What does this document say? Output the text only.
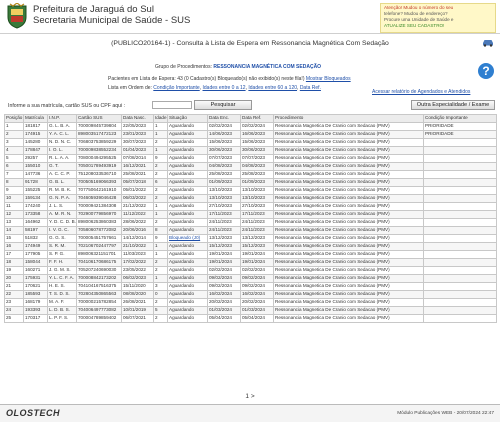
Prefeitura de Jaraguá do Sul
Secretaria Municipal de Saúde - SUS
Atenção! Mudou o número do seu
telefone? Mudou de endereço?
Procure uma Unidade de Saúde e
ATUALIZE SEU CADASTRO!
(PUBLICO20164-1) - Consulta à Lista de Espera em Ressonancia Magnética Com Sedação
Grupo de Procedimentos: RESSONANCIA MAGNÉTICA COM SEDAÇÃO
Pacientes em Lista de Espera: 43 (0 Cadastro(s) Bloqueado(s) não exibido(s) neste fila!) Mostrar Bloqueados
Lista em Ordem de: Condição Importante, Idades entre 0 a 12, Idades entre 60 a 120, Data Ref.
?
Acessar relatório de Agendados e Atendidos
Informe a sua matrícula, cartão SUS ou CPF aqui :	Pesquisar	Outra Especialidade / Exame
Posição	Matrícula	I.N.P.	Cartão SUS	Data Nasc.	Idade	Situação	Data Enc.	Data Ref.	Procedimento	Condição Importante
1	181817	G. L. B. A.	700009845739804	22/05/2023	1	Aguardando	02/02/2024	02/02/2024	Ressonancia Magnetica De Cranio com Sedacao (PMV)	PRIORIDADE
2	174915	Y. A. C. L.	898003517472123	23/01/2023	1	Aguardando	14/06/2023	16/06/2023	Ressonancia Magnetica De Cranio com Sedacao (PMV)	PRIORIDADE
3	145280	N. D. N. C.	706803753859229	30/07/2023	2	Aguardando	15/06/2023	15/06/2023	Ressonancia Magnetica De Cranio com Sedacao (PMV)	
4	178847	I. O. L.	700009838552234	01/04/2023	1	Aguardando	30/06/2023	30/06/2023	Ressonancia Magnetica De Cranio com Sedacao (PMV)	
5	29257	R. L. A. A.	708000494295525	07/08/2014	9	Aguardando	07/07/2023	07/07/2023	Ressonancia Magnetica De Cranio com Sedacao (PMV)	
6	155010	G. T.	705001789493919	16/12/2021	2	Aguardando	04/08/2023	04/08/2023	Ressonancia Magnetica De Cranio com Sedacao (PMV)	
7	147736	A. C. C. P.	751208033536710	25/08/2021	2	Aguardando	25/08/2023	25/08/2023	Ressonancia Magnetica De Cranio com Sedacao (PMV)	
8	91728	G. B. L.	700505169066393	05/07/2018	6	Aguardando	01/09/2023	01/09/2023	Ressonancia Magnetica De Cranio com Sedacao (PMV)	
9	155225	R. M. B. K.	707750642161910	05/01/2022	2	Aguardando	13/10/2023	13/10/2023	Ressonancia Magnetica De Cranio com Sedacao (PMV)	
10	159134	G. N. P. A.	704605939046428	06/03/2022	2	Aguardando	13/10/2023	13/10/2023	Ressonancia Magnetica De Cranio com Sedacao (PMV)	
11	174240	J. L. S.	700009421384308	21/12/2022	1	Aguardando	27/10/2023	27/10/2023	Ressonancia Magnetica De Cranio com Sedacao (PMV)	
12	173358	A. M. R. N.	702900779856970	11/12/2022	1	Aguardando	17/11/2023	17/11/2023	Ressonancia Magnetica De Cranio com Sedacao (PMV)	
13	164962	Y. D. C. D. B.	898006253860383	28/06/2022	2	Aguardando	24/11/2023	24/11/2023	Ressonancia Magnetica De Cranio com Sedacao (PMV)	
14	58197	I. V. G. C.	705806078772082	20/06/2016	8	Aguardando	24/11/2023	24/11/2023	Ressonancia Magnetica De Cranio com Sedacao (PMV)	
15	51832	G. G. S.	700005451757661	14/12/2014	9	Bloqueado (J0)	13/12/2023	13/12/2023	Ressonancia Magnetica De Cranio com Sedacao (PMV)	
16	174949	S. R. M.	702106702447797	21/10/2022	1	Aguardando	15/12/2023	15/12/2023	Ressonancia Magnetica De Cranio com Sedacao (PMV)	
17	177905	S. P. G.	898006321151701	11/03/2023	1	Aguardando	19/01/2024	19/01/2024	Ressonancia Magnetica De Cranio com Sedacao (PMV)	
18	158044	F. F. H.	704106170686175	17/02/2022	2	Aguardando	19/01/2024	19/01/2024	Ressonancia Magnetica De Cranio com Sedacao (PMV)	
19	160271	J. G. M. S.	705207240690030	23/05/2022	2	Aguardando	02/02/2024	02/02/2024	Ressonancia Magnetica De Cranio com Sedacao (PMV)	
20	175931	Y. L. C. F. A.	700008842173202	06/02/2023	1	Aguardando	09/02/2024	09/02/2024	Ressonancia Magnetica De Cranio com Sedacao (PMV)	
21	170621	H. E. S.	704104167516375	15/11/2020	3	Aguardando	09/02/2024	09/02/2024	Ressonancia Magnetica De Cranio com Sedacao (PMV)	
22	185593	T. S. D. S.	702804350865563	08/08/2020	0	Aguardando	16/02/2024	16/02/2024	Ressonancia Magnetica De Cranio com Sedacao (PMV)	
23	168179	M. A. F.	700000215782854	26/08/2021	2	Aguardando	20/02/2024	20/02/2024	Ressonancia Magnetica De Cranio com Sedacao (PMV)	
24	193393	L. D. B. S.	704006497773082	10/01/2019	5	Aguardando	01/03/2024	01/03/2024	Ressonancia Magnetica De Cranio com Sedacao (PMV)	
25	170317	L. P. F. S.	700004789859402	06/07/2021	2	Aguardando	05/04/2024	05/04/2024	Ressonancia Magnetica De Cranio com Sedacao (PMV)	
1 >
OLOSTECH	Módulo Publicações WEB - 20/07/2024 22:47
